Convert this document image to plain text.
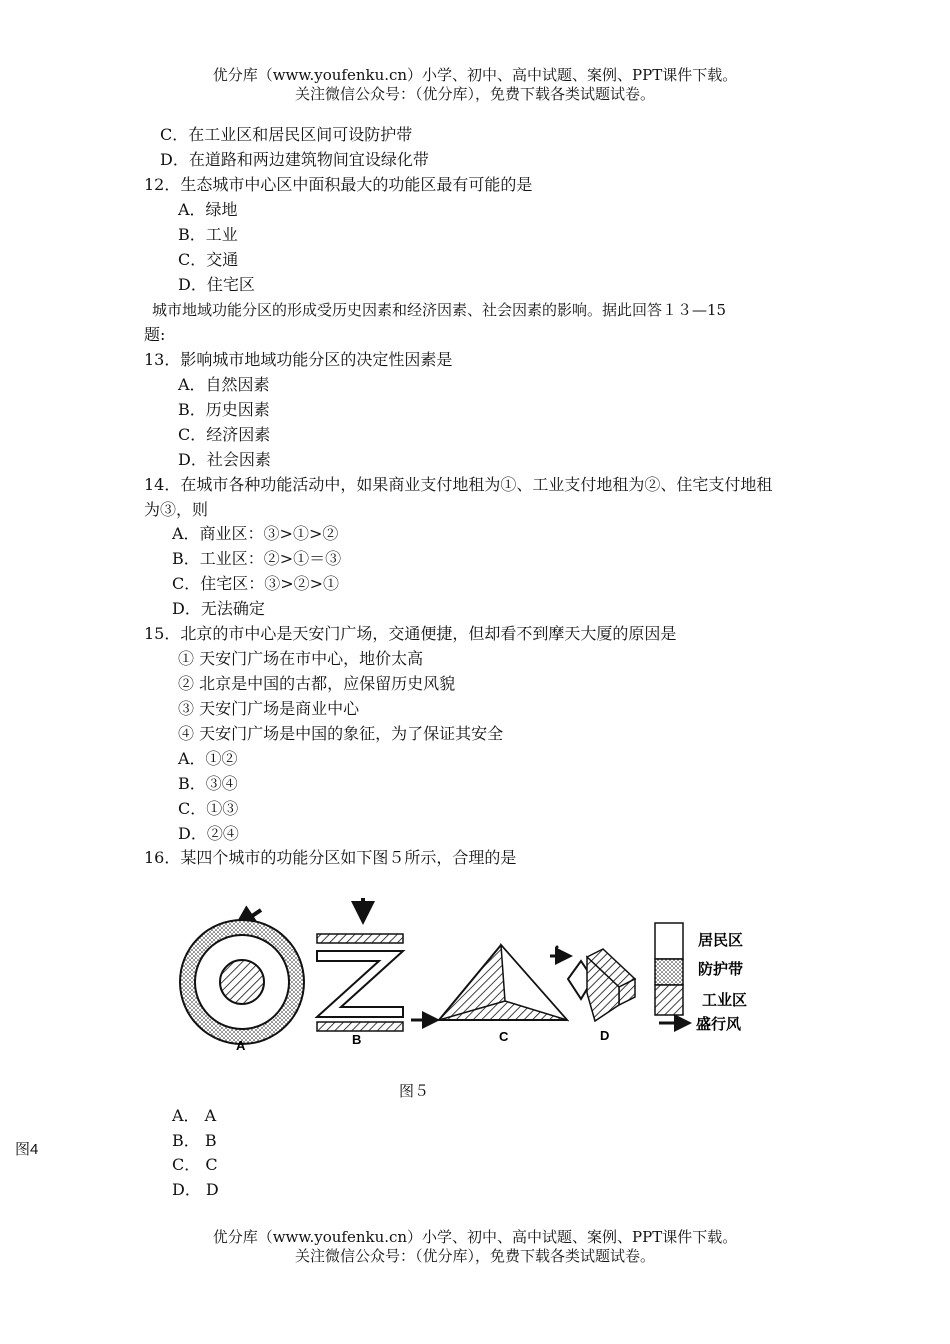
优分库（www.youfenku.cn）小学、初中、高中试题、案例、PPT课件下载。
关注微信公众号：（优分库），免费下载各类试题试卷。
C．在工业区和居民区间可设防护带
D．在道路和两边建筑物间宜设绿化带
12．生态城市中心区中面积最大的功能区最有可能的是
A．绿地
B．工业
C．交通
D．住宅区
城市地域功能分区的形成受历史因素和经济因素、社会因素的影响。据此回答１３—15
题:
13．影响城市地域功能分区的决定性因素是
A．自然因素
B．历史因素
C．经济因素
D．社会因素
14．在城市各种功能活动中，如果商业支付地租为①、工业支付地租为②、住宅支付地租
为③，则
A．商业区：③>①>②
B．工业区：②>①＝③
C．住宅区：③>②>①
D．无法确定
15．北京的市中心是天安门广场，交通便捷，但却看不到摩天大厦的原因是
① 天安门广场在市中心，地价太高
② 北京是中国的古都，应保留历史风貌
③ 天安门广场是商业中心
④ 天安门广场是中国的象征，为了保证其安全
A．①②
B．③④
C．①③
D．②④
16．某四个城市的功能分区如下图５所示，合理的是
A	B	C	D
居民区
防护带
工业区
盛行风
图５
A． A
B． B
C． C
D． D
图4
优分库（www.youfenku.cn）小学、初中、高中试题、案例、PPT课件下载。
关注微信公众号：（优分库），免费下载各类试题试卷。
